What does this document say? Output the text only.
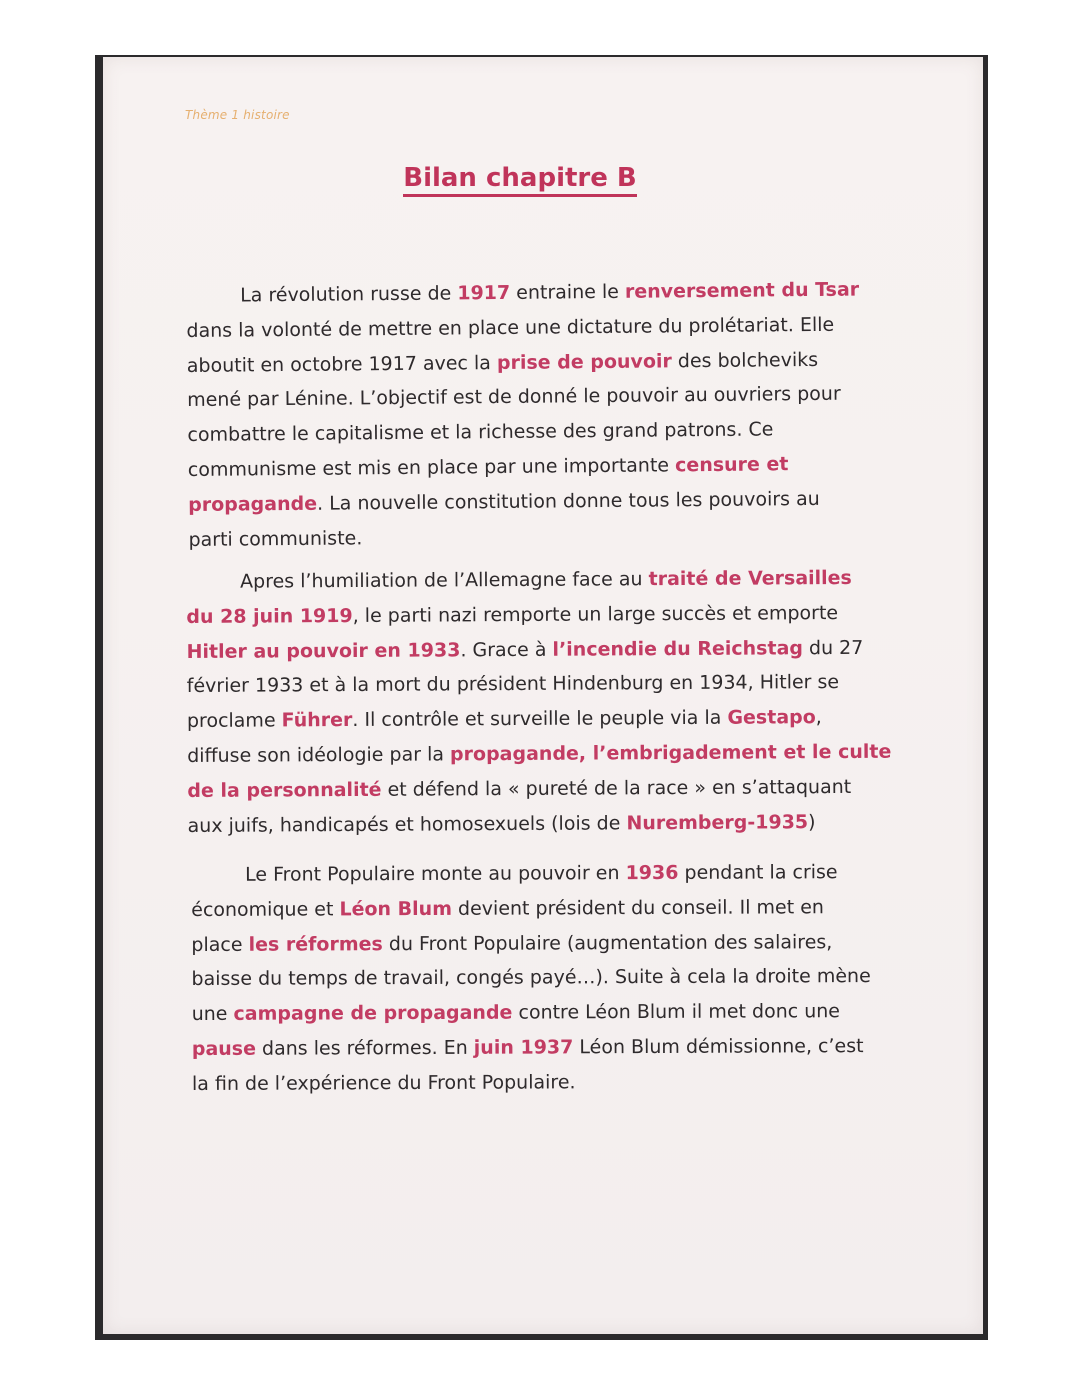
Thème 1 histoire
Bilan chapitre B
La révolution russe de 1917 entraine le renversement du Tsar
dans la volonté de mettre en place une dictature du prolétariat. Elle
aboutit en octobre 1917 avec la prise de pouvoir des bolcheviks
mené par Lénine. L’objectif est de donné le pouvoir au ouvriers pour
combattre le capitalisme et la richesse des grand patrons. Ce
communisme est mis en place par une importante censure et
propagande. La nouvelle constitution donne tous les pouvoirs au
parti communiste.
Apres l’humiliation de l’Allemagne face au traité de Versailles
du 28 juin 1919, le parti nazi remporte un large succès et emporte
Hitler au pouvoir en 1933. Grace à l’incendie du Reichstag du 27
février 1933 et à la mort du président Hindenburg en 1934, Hitler se
proclame Führer. Il contrôle et surveille le peuple via la Gestapo,
diffuse son idéologie par la propagande, l’embrigadement et le culte
de la personnalité et défend la « pureté de la race » en s’attaquant
aux juifs, handicapés et homosexuels (lois de Nuremberg-1935)
Le Front Populaire monte au pouvoir en 1936 pendant la crise
économique et Léon Blum devient président du conseil. Il met en
place les réformes du Front Populaire (augmentation des salaires,
baisse du temps de travail, congés payé…). Suite à cela la droite mène
une campagne de propagande contre Léon Blum il met donc une
pause dans les réformes. En juin 1937 Léon Blum démissionne, c’est
la fin de l’expérience du Front Populaire.
